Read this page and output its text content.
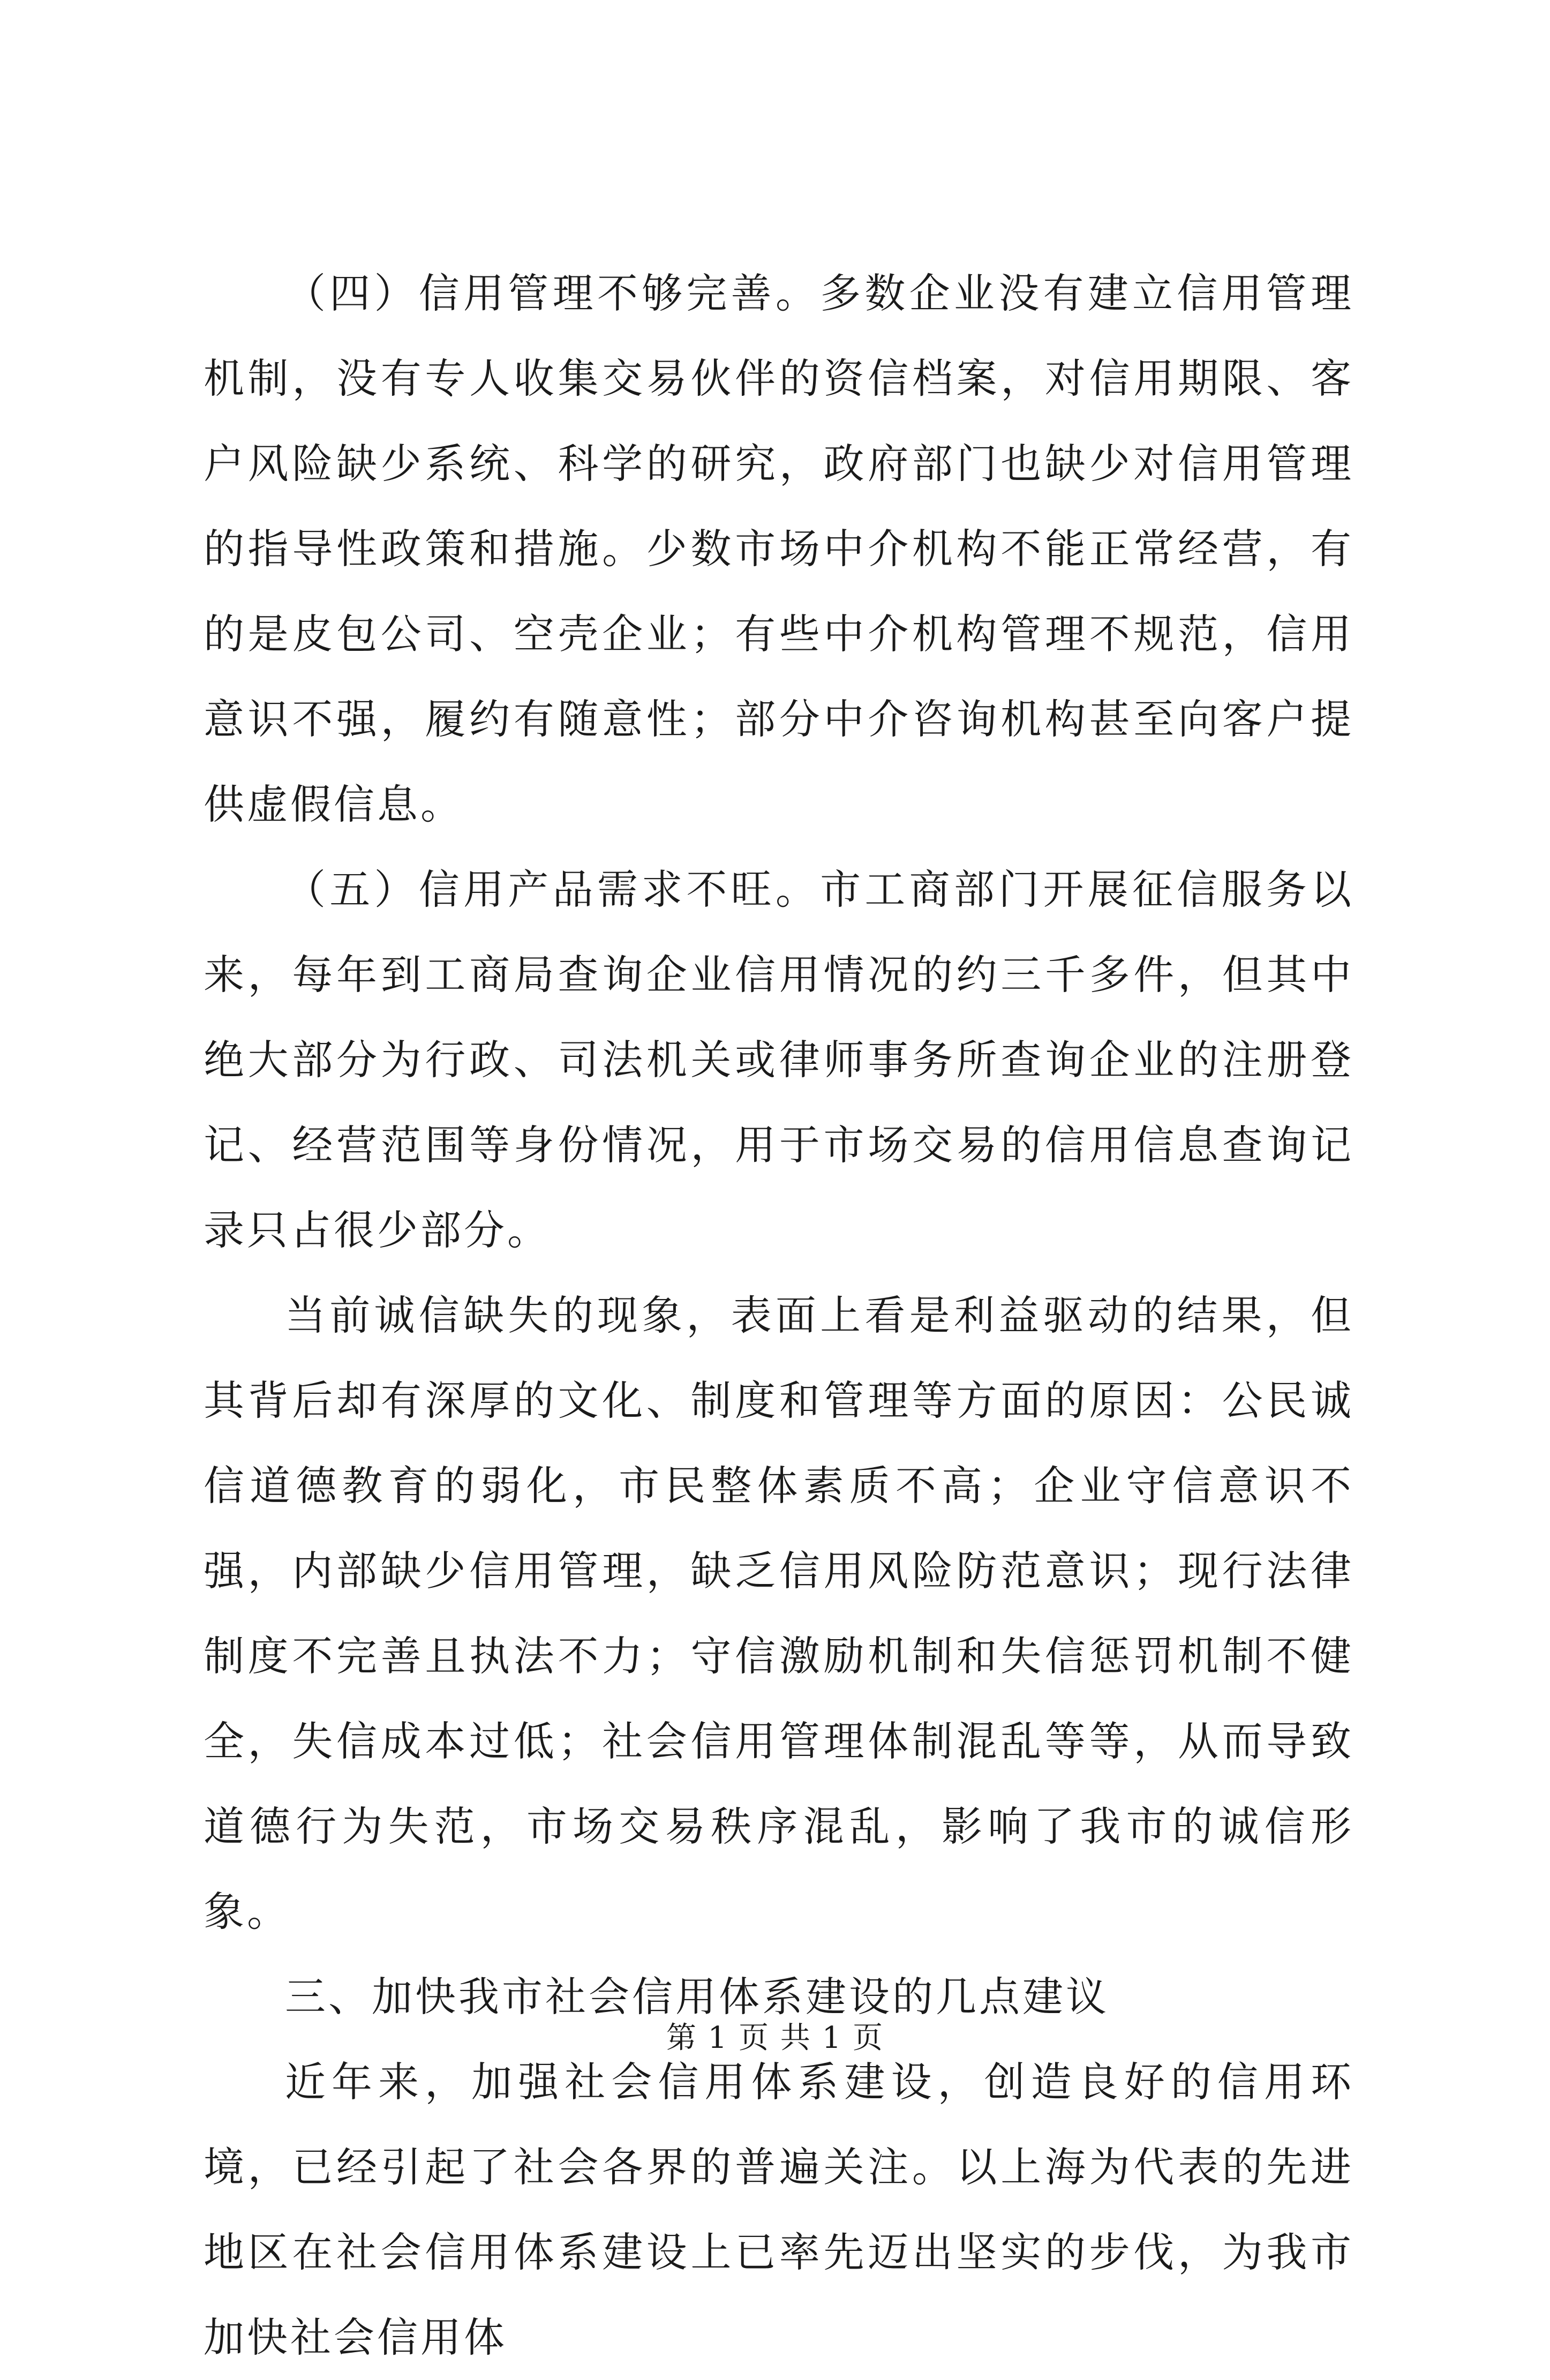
（四）信用管理不够完善。多数企业没有建立信用管理机制，没有专人收集交易伙伴的资信档案，对信用期限、客户风险缺少系统、科学的研究，政府部门也缺少对信用管理的指导性政策和措施。少数市场中介机构不能正常经营，有的是皮包公司、空壳企业；有些中介机构管理不规范，信用意识不强，履约有随意性；部分中介咨询机构甚至向客户提供虚假信息。

（五）信用产品需求不旺。市工商部门开展征信服务以来，每年到工商局查询企业信用情况的约三千多件，但其中绝大部分为行政、司法机关或律师事务所查询企业的注册登记、经营范围等身份情况，用于市场交易的信用信息查询记录只占很少部分。

当前诚信缺失的现象，表面上看是利益驱动的结果，但其背后却有深厚的文化、制度和管理等方面的原因：公民诚信道德教育的弱化，市民整体素质不高；企业守信意识不强，内部缺少信用管理，缺乏信用风险防范意识；现行法律制度不完善且执法不力；守信激励机制和失信惩罚机制不健全，失信成本过低；社会信用管理体制混乱等等，从而导致道德行为失范，市场交易秩序混乱，影响了我市的诚信形象。

三、加快我市社会信用体系建设的几点建议

近年来，加强社会信用体系建设，创造良好的信用环境，已经引起了社会各界的普遍关注。以上海为代表的先进地区在社会信用体系建设上已率先迈出坚实的步伐，为我市加快社会信用体

第 1 页 共 1 页
